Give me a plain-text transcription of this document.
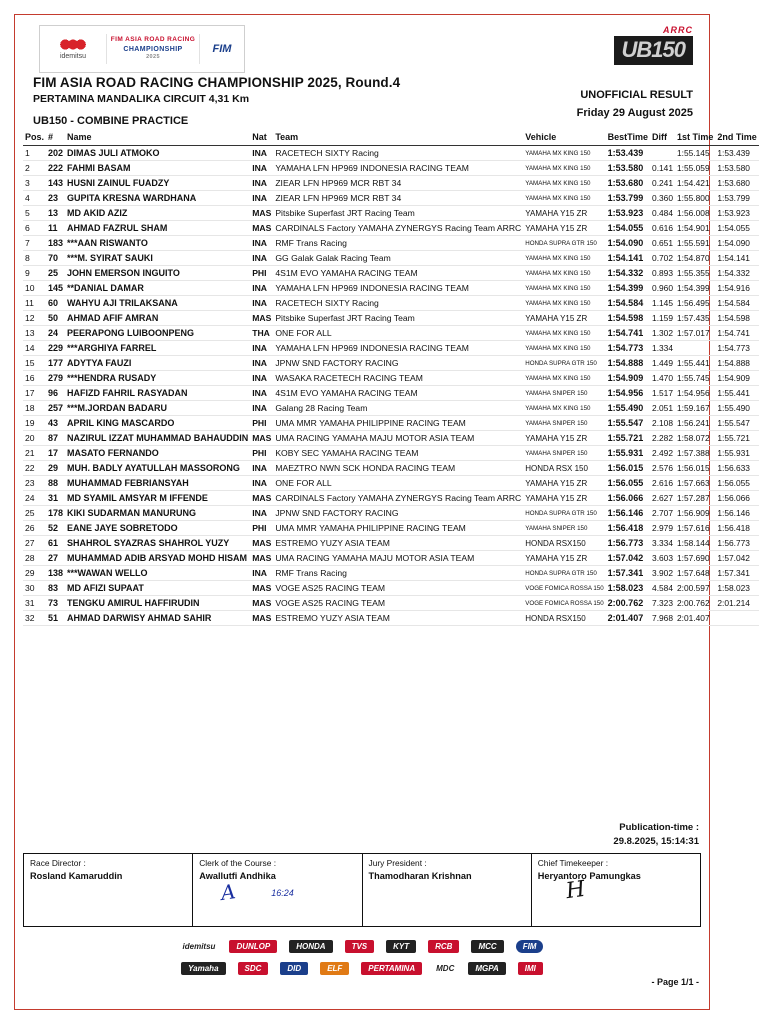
idemitsu
FIM ASIA ROAD RACING
CHAMPIONSHIP
2025
FIM
ARRC
UB150
FIM ASIA ROAD RACING CHAMPIONSHIP 2025, Round.4
PERTAMINA MANDALIKA CIRCUIT 4,31 Km
UB150 - COMBINE PRACTICE
UNOFFICIAL RESULT
Friday 29 August 2025
Pos.	#	Name	Nat	Team	Vehicle	BestTime	Diff	1st Time	2nd Time
1	202	DIMAS JULI ATMOKO	INA	RACETECH SIXTY Racing	YAMAHA MX KING 150	1:53.439		1:55.145	1:53.439
2	222	FAHMI BASAM	INA	YAMAHA LFN HP969 INDONESIA RACING TEAM	YAMAHA MX KING 150	1:53.580	0.141	1:55.059	1:53.580
3	143	HUSNI ZAINUL FUADZY	INA	ZIEAR LFN HP969 MCR RBT 34	YAMAHA MX KING 150	1:53.680	0.241	1:54.421	1:53.680
4	23	GUPITA KRESNA WARDHANA	INA	ZIEAR LFN HP969 MCR RBT 34	YAMAHA MX KING 150	1:53.799	0.360	1:55.800	1:53.799
5	13	MD AKID AZIZ	MAS	Pitsbike Superfast JRT Racing Team	YAMAHA Y15 ZR	1:53.923	0.484	1:56.008	1:53.923
6	11	AHMAD FAZRUL SHAM	MAS	CARDINALS Factory YAMAHA ZYNERGYS Racing Team ARRC	YAMAHA Y15 ZR	1:54.055	0.616	1:54.901	1:54.055
7	183	***AAN RISWANTO	INA	RMF Trans Racing	HONDA SUPRA GTR 150	1:54.090	0.651	1:55.591	1:54.090
8	70	***M. SYIRAT SAUKI	INA	GG Galak Galak Racing Team	YAMAHA MX KING 150	1:54.141	0.702	1:54.870	1:54.141
9	25	JOHN EMERSON INGUITO	PHI	4S1M EVO YAMAHA RACING TEAM	YAMAHA MX KING 150	1:54.332	0.893	1:55.355	1:54.332
10	145	**DANIAL DAMAR	INA	YAMAHA LFN HP969 INDONESIA RACING TEAM	YAMAHA MX KING 150	1:54.399	0.960	1:54.399	1:54.916
11	60	WAHYU AJI TRILAKSANA	INA	RACETECH SIXTY Racing	YAMAHA MX KING 150	1:54.584	1.145	1:56.495	1:54.584
12	50	AHMAD AFIF AMRAN	MAS	Pitsbike Superfast JRT Racing Team	YAMAHA Y15 ZR	1:54.598	1.159	1:57.435	1:54.598
13	24	PEERAPONG LUIBOONPENG	THA	ONE FOR ALL	YAMAHA MX KING 150	1:54.741	1.302	1:57.017	1:54.741
14	229	***ARGHIYA FARREL	INA	YAMAHA LFN HP969 INDONESIA RACING TEAM	YAMAHA MX KING 150	1:54.773	1.334		1:54.773
15	177	ADYTYA FAUZI	INA	JPNW SND FACTORY RACING	HONDA SUPRA GTR 150	1:54.888	1.449	1:55.441	1:54.888
16	279	***HENDRA RUSADY	INA	WASAKA RACETECH RACING TEAM	YAMAHA MX KING 150	1:54.909	1.470	1:55.745	1:54.909
17	96	HAFIZD FAHRIL RASYADAN	INA	4S1M EVO YAMAHA RACING TEAM	YAMAHA SNIPER 150	1:54.956	1.517	1:54.956	1:55.441
18	257	***M.JORDAN BADARU	INA	Galang 28 Racing Team	YAMAHA MX KING 150	1:55.490	2.051	1:59.167	1:55.490
19	43	APRIL KING MASCARDO	PHI	UMA MMR YAMAHA PHILIPPINE RACING TEAM	YAMAHA SNIPER 150	1:55.547	2.108	1:56.241	1:55.547
20	87	NAZIRUL IZZAT MUHAMMAD BAHAUDDIN	MAS	UMA RACING YAMAHA MAJU MOTOR ASIA TEAM	YAMAHA Y15 ZR	1:55.721	2.282	1:58.072	1:55.721
21	17	MASATO FERNANDO	PHI	KOBY SEC YAMAHA RACING TEAM	YAMAHA SNIPER 150	1:55.931	2.492	1:57.388	1:55.931
22	29	MUH. BADLY AYATULLAH MASSORONG	INA	MAEZTRO NWN SCK HONDA RACING TEAM	HONDA RSX 150	1:56.015	2.576	1:56.015	1:56.633
23	88	MUHAMMAD FEBRIANSYAH	INA	ONE FOR ALL	YAMAHA Y15 ZR	1:56.055	2.616	1:57.663	1:56.055
24	31	MD SYAMIL AMSYAR M IFFENDE	MAS	CARDINALS Factory YAMAHA ZYNERGYS Racing Team ARRC	YAMAHA Y15 ZR	1:56.066	2.627	1:57.287	1:56.066
25	178	KIKI SUDARMAN MANURUNG	INA	JPNW SND FACTORY RACING	HONDA SUPRA GTR 150	1:56.146	2.707	1:56.909	1:56.146
26	52	EANE JAYE SOBRETODO	PHI	UMA MMR YAMAHA PHILIPPINE RACING TEAM	YAMAHA SNIPER 150	1:56.418	2.979	1:57.616	1:56.418
27	61	SHAHROL SYAZRAS SHAHROL YUZY	MAS	ESTREMO YUZY ASIA TEAM	HONDA RSX150	1:56.773	3.334	1:58.144	1:56.773
28	27	MUHAMMAD ADIB ARSYAD MOHD HISAM	MAS	UMA RACING YAMAHA MAJU MOTOR ASIA TEAM	YAMAHA Y15 ZR	1:57.042	3.603	1:57.690	1:57.042
29	138	***WAWAN WELLO	INA	RMF Trans Racing	HONDA SUPRA GTR 150	1:57.341	3.902	1:57.648	1:57.341
30	83	MD AFIZI SUPAAT	MAS	VOGE AS25 RACING TEAM	VOGE FOMICA ROSSA 150	1:58.023	4.584	2:00.597	1:58.023
31	73	TENGKU AMIRUL HAFFIRUDIN	MAS	VOGE AS25 RACING TEAM	VOGE FOMICA ROSSA 150	2:00.762	7.323	2:00.762	2:01.214
32	51	AHMAD DARWISY AHMAD SAHIR	MAS	ESTREMO YUZY ASIA TEAM	HONDA RSX150	2:01.407	7.968	2:01.407	
Publication-time :
29.8.2025, 15:14:31
Race Director :
Rosland Kamaruddin
Clerk of the Course :
Awallutfi Andhika
A	16:24
Jury President :
Thamodharan Krishnan
Chief Timekeeper :
Heryantoro Pamungkas
H
idemitsu	DUNLOP	HONDA	TVS	KYT	RCB	MCC	FIM
Yamaha	SDC	DID	ELF	PERTAMINA	MDC	MGPA	IMI
- Page 1/1 -
